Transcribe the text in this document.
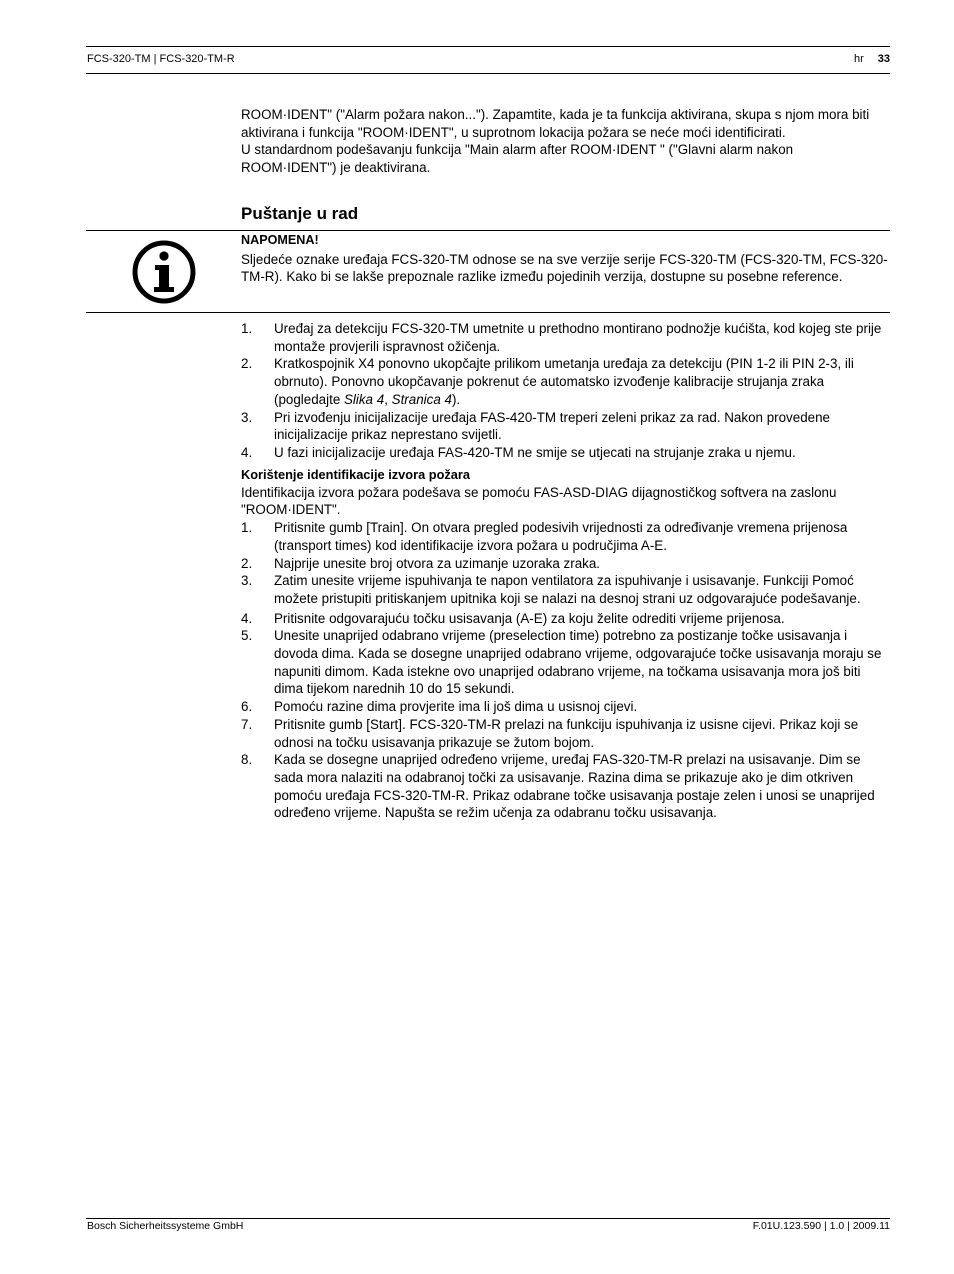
FCS-320-TM | FCS-320-TM-R	hr 33

ROOM·IDENT" ("Alarm požara nakon..."). Zapamtite, kada je ta funkcija aktivirana, skupa s njom mora biti aktivirana i funkcija "ROOM·IDENT", u suprotnom lokacija požara se neće moći identificirati.

U standardnom podešavanju funkcija "Main alarm after ROOM·IDENT " ("Glavni alarm nakon ROOM·IDENT") je deaktivirana.

Puštanje u rad

NAPOMENA!

Sljedeće oznake uređaja FCS-320-TM odnose se na sve verzije serije FCS-320-TM (FCS-320-TM, FCS-320-TM-R). Kako bi se lakše prepoznale razlike između pojedinih verzija, dostupne su posebne reference.

1. Uređaj za detekciju FCS-320-TM umetnite u prethodno montirano podnožje kućišta, kod kojeg ste prije montaže provjerili ispravnost ožičenja.
2. Kratkospojnik X4 ponovno ukopčajte prilikom umetanja uređaja za detekciju (PIN 1-2 ili PIN 2-3, ili obrnuto). Ponovno ukopčavanje pokrenut će automatsko izvođenje kalibracije strujanja zraka (pogledajte Slika 4, Stranica 4).
3. Pri izvođenju inicijalizacije uređaja FAS-420-TM treperi zeleni prikaz za rad. Nakon provedene inicijalizacije prikaz neprestano svijetli.
4. U fazi inicijalizacije uređaja FAS-420-TM ne smije se utjecati na strujanje zraka u njemu.

Korištenje identifikacije izvora požara

Identifikacija izvora požara podešava se pomoću FAS-ASD-DIAG dijagnostičkog softvera na zaslonu "ROOM·IDENT".

1. Pritisnite gumb [Train]. On otvara pregled podesivih vrijednosti za određivanje vremena prijenosa (transport times) kod identifikacije izvora požara u područjima A-E.
2. Najprije unesite broj otvora za uzimanje uzoraka zraka.
3. Zatim unesite vrijeme ispuhivanja te napon ventilatora za ispuhivanje i usisavanje. Funkciji Pomoć možete pristupiti pritiskanjem upitnika koji se nalazi na desnoj strani uz odgovarajuće podešavanje.
4. Pritisnite odgovarajuću točku usisavanja (A-E) za koju želite odrediti vrijeme prijenosa.
5. Unesite unaprijed odabrano vrijeme (preselection time) potrebno za postizanje točke usisavanja i dovoda dima. Kada se dosegne unaprijed odabrano vrijeme, odgovarajuće točke usisavanja moraju se napuniti dimom. Kada istekne ovo unaprijed odabrano vrijeme, na točkama usisavanja mora još biti dima tijekom narednih 10 do 15 sekundi.
6. Pomoću razine dima provjerite ima li još dima u usisnoj cijevi.
7. Pritisnite gumb [Start]. FCS-320-TM-R prelazi na funkciju ispuhivanja iz usisne cijevi. Prikaz koji se odnosi na točku usisavanja prikazuje se žutom bojom.
8. Kada se dosegne unaprijed određeno vrijeme, uređaj FAS-320-TM-R prelazi na usisavanje. Dim se sada mora nalaziti na odabranoj točki za usisavanje. Razina dima se prikazuje ako je dim otkriven pomoću uređaja FCS-320-TM-R. Prikaz odabrane točke usisavanja postaje zelen i unosi se unaprijed određeno vrijeme. Napušta se režim učenja za odabranu točku usisavanja.
Bosch Sicherheitssysteme GmbH	F.01U.123.590 | 1.0 | 2009.11
